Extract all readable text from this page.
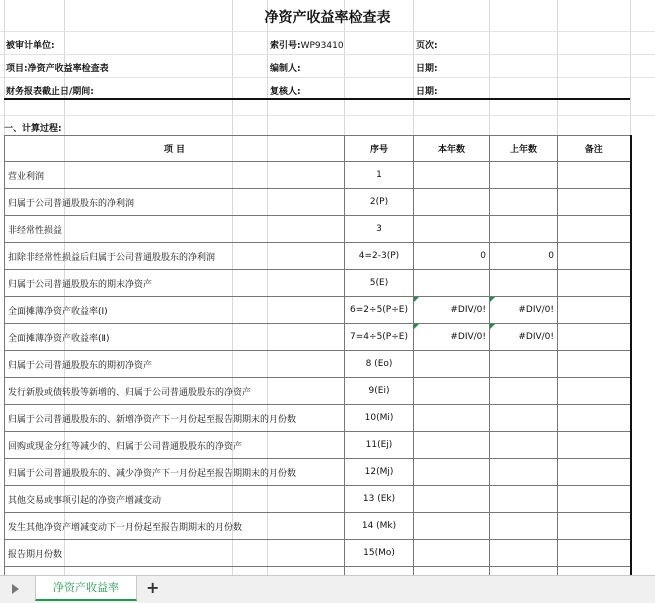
净资产收益率检查表
被审计单位:	索引号:WP93410	页次:
项目:净资产收益率检查表	编制人:	日期:
财务报表截止日/期间:	复核人:	日期:
一、计算过程:
项 目	序号	本年数	上年数	备注
营业利润	1			
归属于公司普通股股东的净利润	2(P)			
非经常性损益	3			
扣除非经常性损益后归属于公司普通股股东的净利润	4=2-3(P)	0	0	
归属于公司普通股股东的期末净资产	5(E)			
全面摊薄净资产收益率(Ⅰ)	6=2÷5(P÷E)	#DIV/0!	#DIV/0!	
全面摊薄净资产收益率(Ⅱ)	7=4÷5(P÷E)	#DIV/0!	#DIV/0!	
归属于公司普通股股东的期初净资产	8 (Eo)			
发行新股或债转股等新增的、归属于公司普通股股东的净资产	9(Ei)			
归属于公司普通股股东的、新增净资产下一月份起至报告期期末的月份数	10(Mi)			
回购或现金分红等减少的、归属于公司普通股股东的净资产	11(Ej)			
归属于公司普通股股东的、减少净资产下一月份起至报告期期末的月份数	12(Mj)			
其他交易或事项引起的净资产增减变动	13 (Ek)			
发生其他净资产增减变动下一月份起至报告期期末的月份数	14 (Mk)			
报告期月份数	15(Mo)			

净资产收益率	+
